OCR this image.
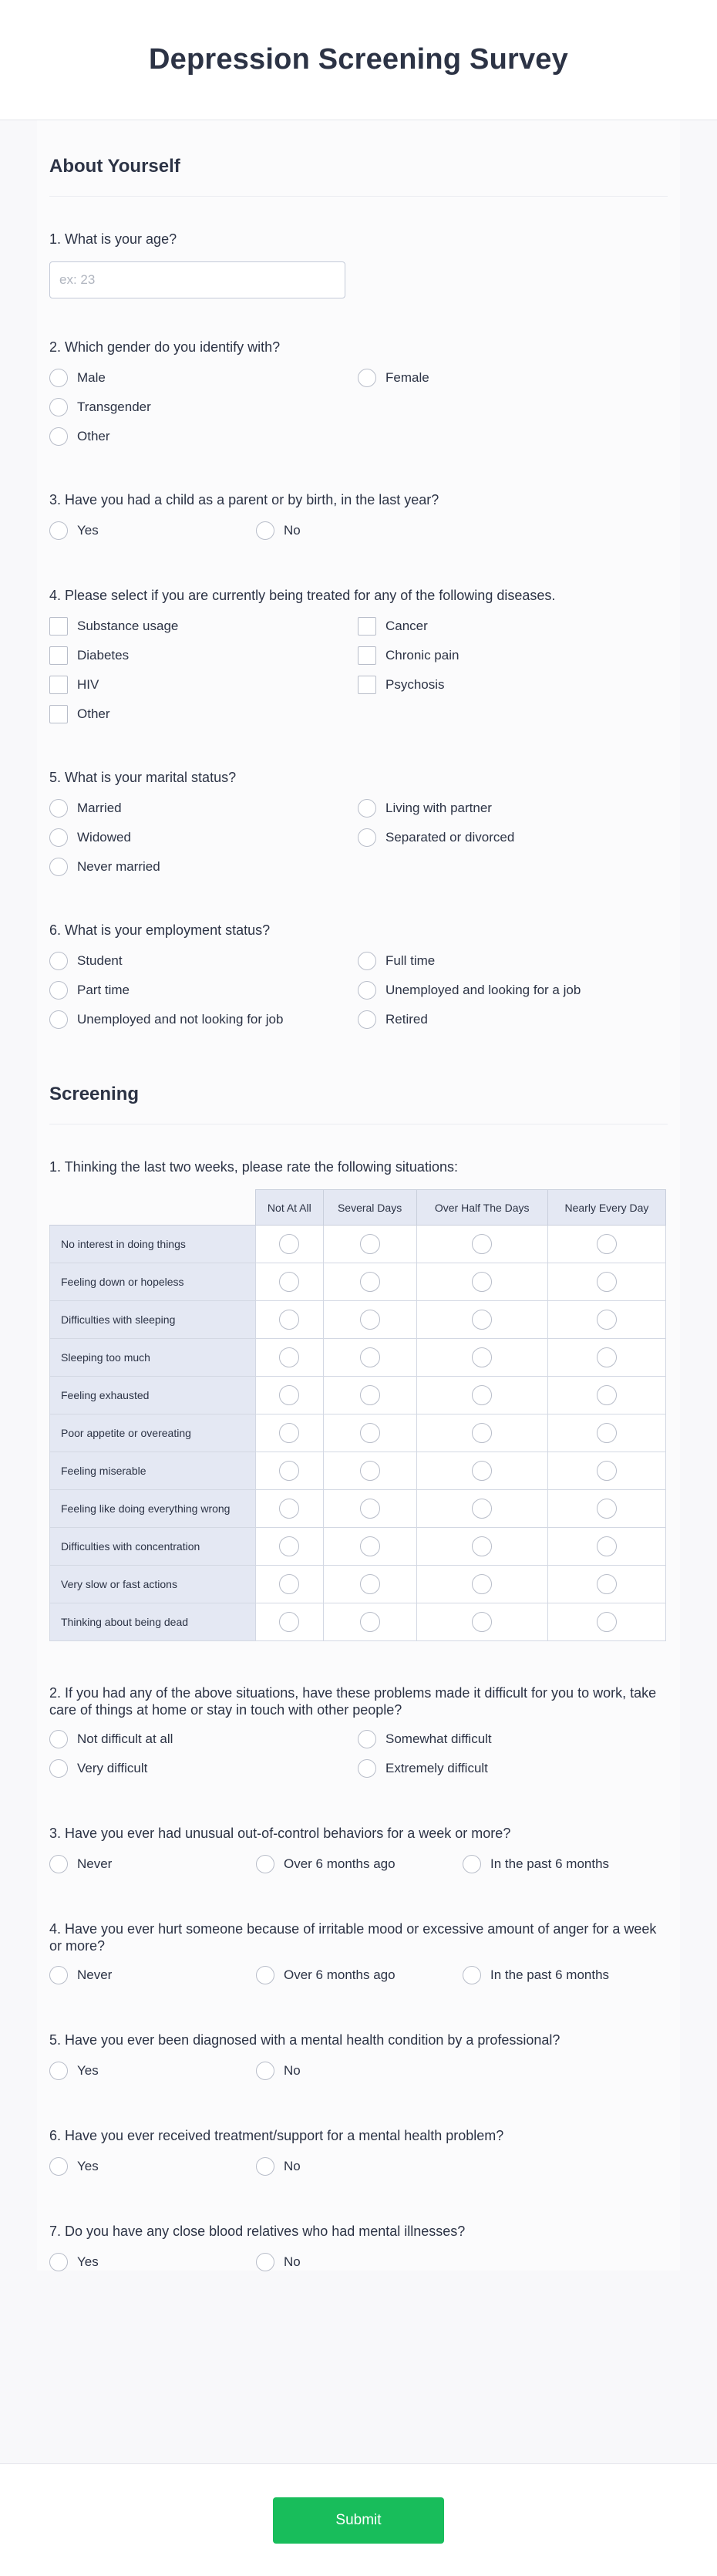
Depression Screening Survey
About Yourself
1. What is your age?
ex: 23
2. Which gender do you identify with?
Male	Female
Transgender
Other
3. Have you had a child as a parent or by birth, in the last year?
Yes	No
4. Please select if you are currently being treated for any of the following diseases.
Substance usage	Cancer
Diabetes	Chronic pain
HIV	Psychosis
Other
5. What is your marital status?
Married	Living with partner
Widowed	Separated or divorced
Never married
6. What is your employment status?
Student	Full time
Part time	Unemployed and looking for a job
Unemployed and not looking for job	Retired
Screening
1. Thinking the last two weeks, please rate the following situations:
	Not At All	Several Days	Over Half The Days	Nearly Every Day
No interest in doing things				
Feeling down or hopeless				
Difficulties with sleeping				
Sleeping too much				
Feeling exhausted				
Poor appetite or overeating				
Feeling miserable				
Feeling like doing everything wrong				
Difficulties with concentration				
Very slow or fast actions				
Thinking about being dead				
2. If you had any of the above situations, have these problems made it difficult for you to work, take care of things at home or stay in touch with other people?
Not difficult at all	Somewhat difficult
Very difficult	Extremely difficult
3. Have you ever had unusual out-of-control behaviors for a week or more?
Never	Over 6 months ago	In the past 6 months
4. Have you ever hurt someone because of irritable mood or excessive amount of anger for a week or more?
Never	Over 6 months ago	In the past 6 months
5. Have you ever been diagnosed with a mental health condition by a professional?
Yes	No
6. Have you ever received treatment/support for a mental health problem?
Yes	No
7. Do you have any close blood relatives who had mental illnesses?
Yes	No
Submit
